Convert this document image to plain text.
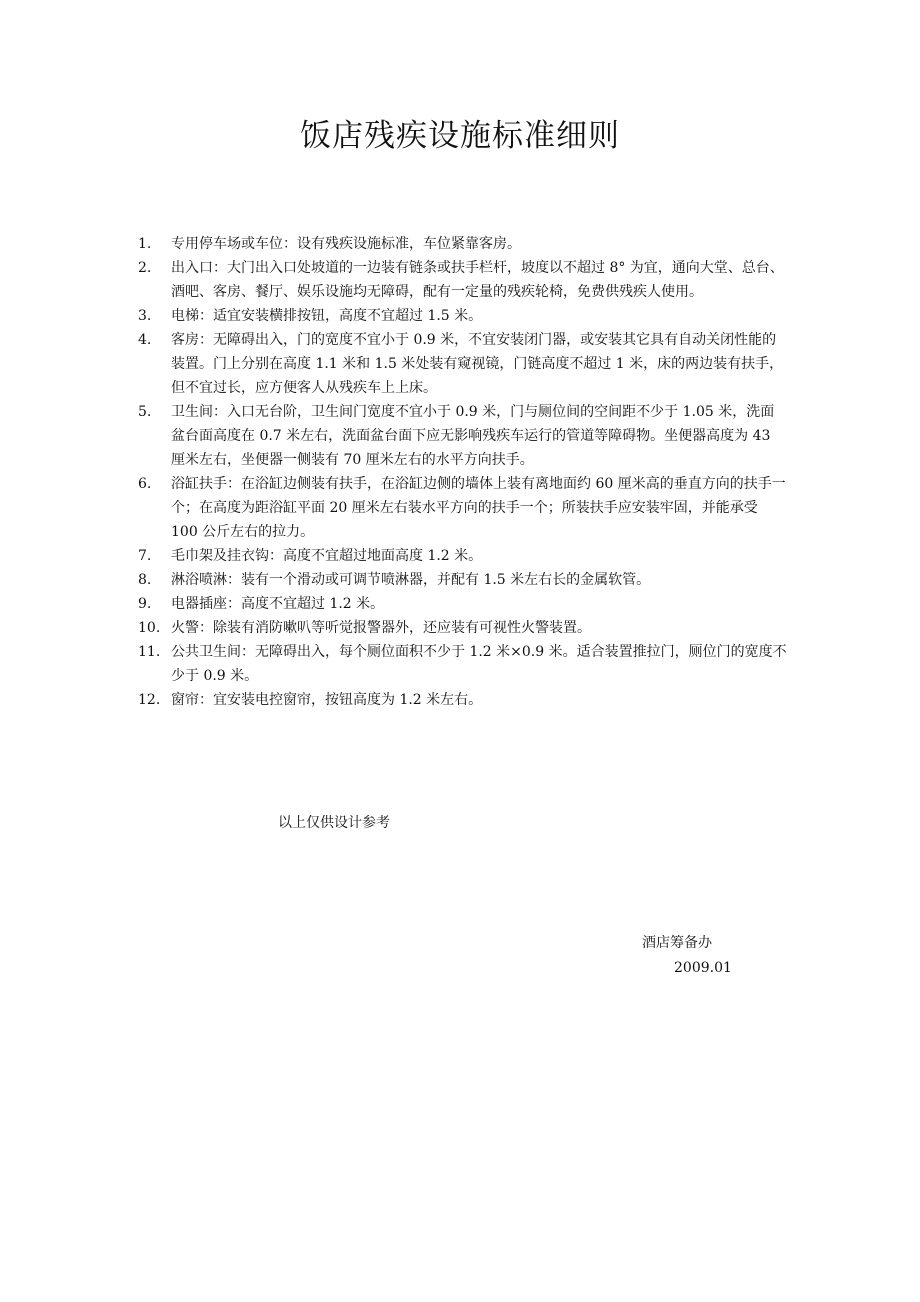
饭店残疾设施标准细则
1.	专用停车场或车位：设有残疾设施标准，车位紧靠客房。
2.	出入口：大门出入口处坡道的一边装有链条或扶手栏杆，坡度以不超过 8° 为宜，通向大堂、总台、酒吧、客房、餐厅、娱乐设施均无障碍，配有一定量的残疾轮椅，免费供残疾人使用。
3.	电梯：适宜安装横排按钮，高度不宜超过 1.5 米。
4.	客房：无障碍出入，门的宽度不宜小于 0.9 米，不宜安装闭门器，或安装其它具有自动关闭性能的装置。门上分别在高度 1.1 米和 1.5 米处装有窥视镜，门链高度不超过 1 米，床的两边装有扶手，但不宜过长，应方便客人从残疾车上上床。
5.	卫生间：入口无台阶，卫生间门宽度不宜小于 0.9 米，门与厕位间的空间距不少于 1.05 米，洗面盆台面高度在 0.7 米左右，洗面盆台面下应无影响残疾车运行的管道等障碍物。坐便器高度为 43 厘米左右，坐便器一侧装有 70 厘米左右的水平方向扶手。
6.	浴缸扶手：在浴缸边侧装有扶手，在浴缸边侧的墙体上装有离地面约 60 厘米高的垂直方向的扶手一个；在高度为距浴缸平面 20 厘米左右装水平方向的扶手一个；所装扶手应安装牢固，并能承受 100 公斤左右的拉力。
7.	毛巾架及挂衣钩：高度不宜超过地面高度 1.2 米。
8.	淋浴喷淋：装有一个滑动或可调节喷淋器，并配有 1.5 米左右长的金属软管。
9.	电器插座：高度不宜超过 1.2 米。
10. 火警：除装有消防嗽叭等听觉报警器外，还应装有可视性火警装置。
11. 公共卫生间：无障碍出入，每个厕位面积不少于 1.2 米×0.9 米。适合装置推拉门，厕位门的宽度不少于 0.9 米。
12. 窗帘：宜安装电控窗帘，按钮高度为 1.2 米左右。
以上仅供设计参考
酒店筹备办
2009.01
